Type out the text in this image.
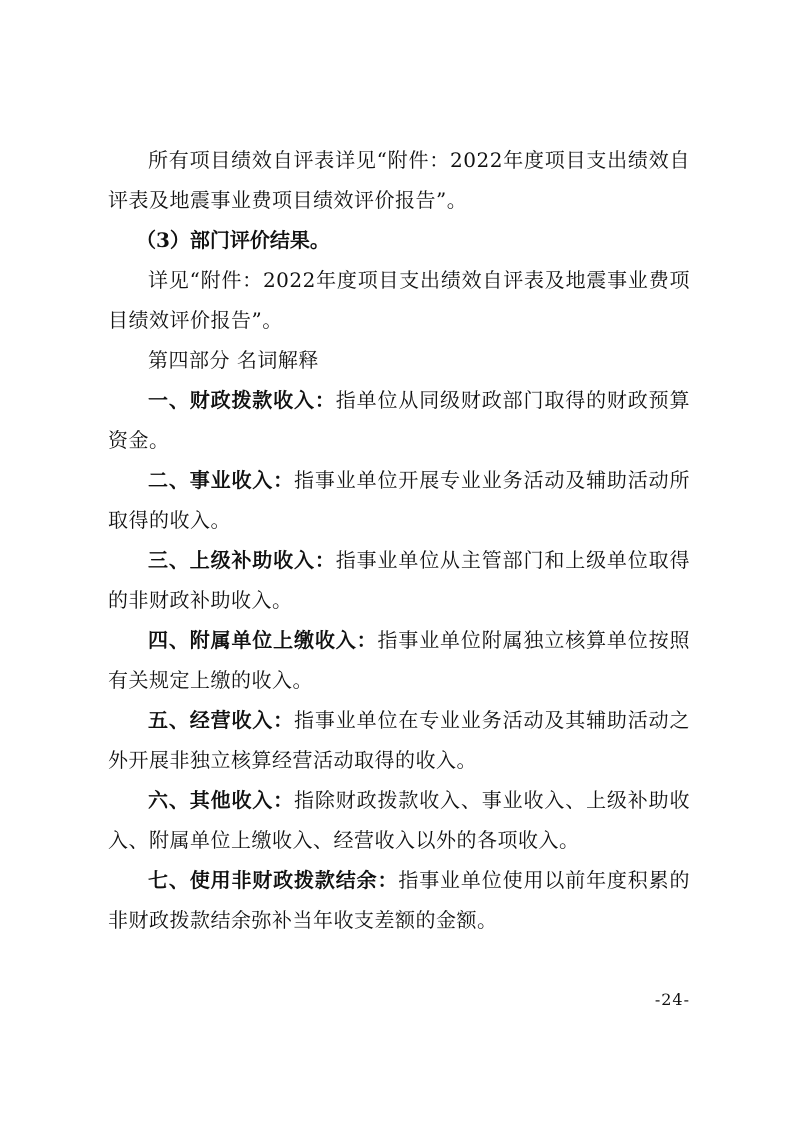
所有项目绩效自评表详见“附件：2022年度项目支出绩效自评表及地震事业费项目绩效评价报告”。

（3）部门评价结果。

详见“附件：2022年度项目支出绩效自评表及地震事业费项目绩效评价报告”。

第四部分 名词解释

一、财政拨款收入：指单位从同级财政部门取得的财政预算资金。

二、事业收入：指事业单位开展专业业务活动及辅助活动所取得的收入。

三、上级补助收入：指事业单位从主管部门和上级单位取得的非财政补助收入。

四、附属单位上缴收入：指事业单位附属独立核算单位按照有关规定上缴的收入。

五、经营收入：指事业单位在专业业务活动及其辅助活动之外开展非独立核算经营活动取得的收入。

六、其他收入：指除财政拨款收入、事业收入、上级补助收入、附属单位上缴收入、经营收入以外的各项收入。

七、使用非财政拨款结余：指事业单位使用以前年度积累的非财政拨款结余弥补当年收支差额的金额。

-24-
